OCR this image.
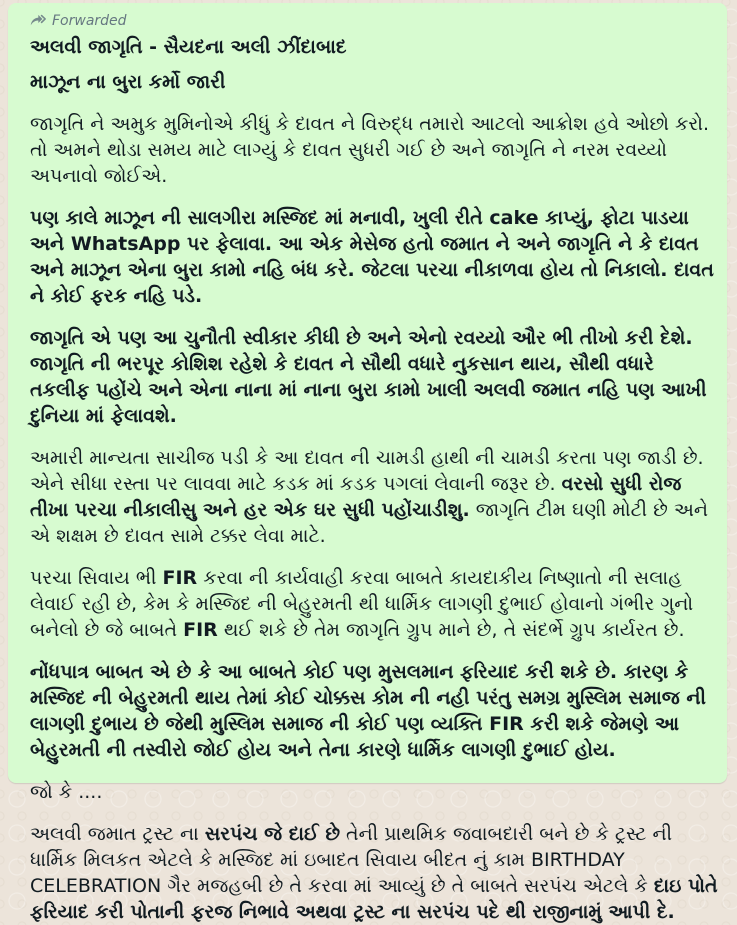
Forwarded
અલવી જાગૃતિ - સૈયદના અલી ઝીંદાબાદ
માઝૂન ના બુરા કર્મો જારી

જાગૃતિ ને અમુક મુમિનોએ કીધું કે દાવત ને વિરુદ્ધ તમારો આટલો આક્રોશ હવે ઓછો કરો. તો અમને થોડા સમય માટે લાગ્યું કે દાવત સુધરી ગઈ છે અને જાગૃતિ ને નરમ રવય્યો અપનાવો જોઈએ.

પણ કાલે માઝૂન ની સાલગીરા મસ્જિદ માં મનાવી, ખુલી રીતે cake કાપ્યું, ફોટા પાડયા અને WhatsApp પર ફેલાવા. આ એક મેસેજ હતો જમાત ને અને જાગૃતિ ને કે દાવત અને માઝૂન એના બુરા કામો નહિ બંધ કરે. જેટલા પરચા નીકાળવા હોય તો નિકાલો. દાવત ને કોઈ ફરક નહિ પડે.

જાગૃતિ એ પણ આ ચુનૌતી સ્વીકાર કીધી છે અને એનો રવય્યો ઔર ભી તીખો કરી દેશે. જાગૃતિ ની ભરપૂર કોશિશ રહેશે કે દાવત ને સૌથી વધારે નુકસાન થાય, સૌથી વધારે તકલીફ પહોંચે અને એના નાના માં નાના બુરા કામો ખાલી અલવી જમાત નહિ પણ આખી દુનિયા માં ફેલાવશે.

અમારી માન્યતા સાચીજ પડી કે આ દાવત ની ચામડી હાથી ની ચામડી કરતા પણ જાડી છે. એને સીધા રસ્તા પર લાવવા માટે કડક માં કડક પગલાં લેવાની જરૂર છે. વરસો સુધી રોજ તીખા પરચા નીકાલીસુ અને હર એક ઘર સુધી પહોંચાડીશુ. જાગૃતિ ટીમ ઘણી મોટી છે અને એ શક્ષમ છે દાવત સામે ટક્કર લેવા માટે.

પરચા સિવાય ભી FIR કરવા ની કાર્યવાહી કરવા બાબતે કાયદાકીય નિષ્ણાતો ની સલાહ લેવાઈ રહી છે, કેમ કે મસ્જિદ ની બેહુરમતી થી ધાર્મિક લાગણી દુભાઈ હોવાનો ગંભીર ગુનો બનેલો છે જે બાબતે FIR થઈ શકે છે તેમ જાગૃતિ ગ્રુપ માને છે, તે સંદર્ભે ગ્રુપ કાર્યરત છે.

નોંધપાત્ર બાબત એ છે કે આ બાબતે કોઈ પણ મુસલમાન ફરિયાદ કરી શકે છે. કારણ કે મસ્જિદ ની બેહુરમતી થાય તેમાં કોઈ ચોક્કસ કોમ ની નહી પરંતુ સમગ્ર મુસ્લિમ સમાજ ની લાગણી દુભાય છે જેથી મુસ્લિમ સમાજ ની કોઈ પણ વ્યક્તિ FIR કરી શકે જેમણે આ બેહુરમતી ની તસ્વીરો જોઈ હોય અને તેના કારણે ધાર્મિક લાગણી દુભાઈ હોય.

જો કે ....

અલવી જમાત ટ્રસ્ટ ના સરપંચ જે દાઈ છે તેની પ્રાથમિક જવાબદારી બને છે કે ટ્રસ્ટ ની ધાર્મિક મિલકત એટલે કે મસ્જિદ માં ઇબાદત સિવાય બીદત નું કામ BIRTHDAY CELEBRATION ગૈર મજહબી છે તે કરવા માં આવ્યું છે તે બાબતે સરપંચ એટલે કે દાઇ પોતે ફરિયાદ કરી પોતાની ફરજ નિભાવે અથવા ટ્રસ્ટ ના સરપંચ પદે થી રાજીનામું આપી દે.
